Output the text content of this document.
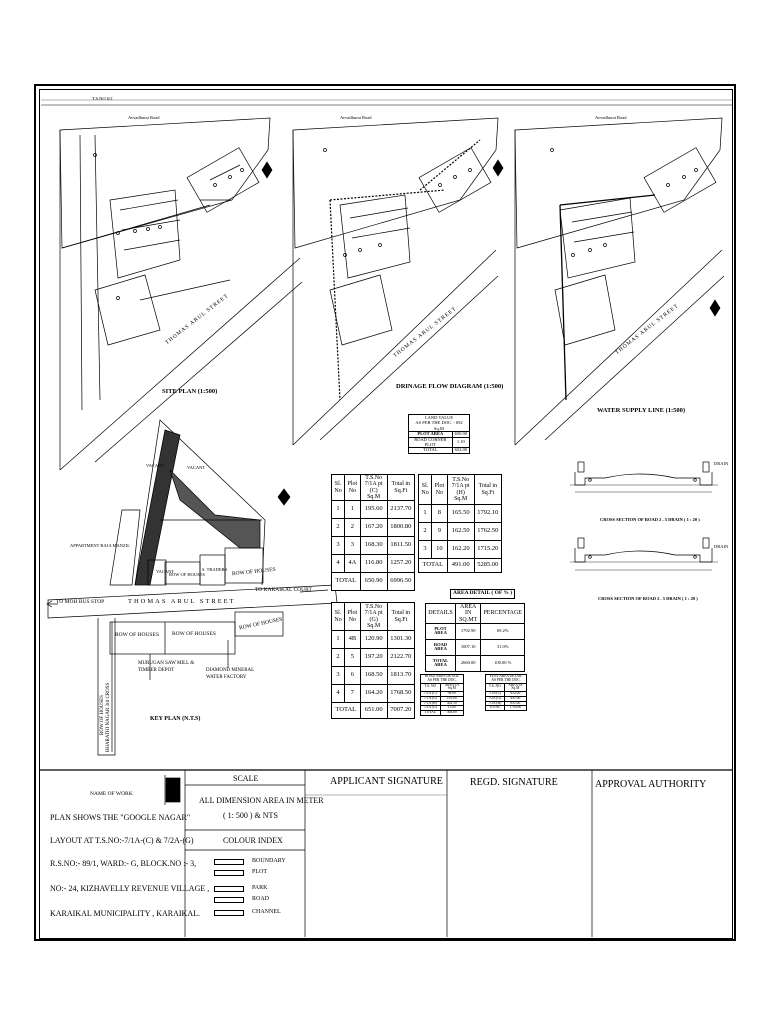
T.S.NO 6/2
Avvadhurai Road	Avvadhurai Road	Avvadhurai Road
THOMAS ARUL STREET	THOMAS ARUL STREET	THOMAS ARUL STREET
SITE PLAN (1:500)
DRINAGE FLOW DIAGRAM (1:500)
WATER SUPPLY LINE (1:500)
TO MOH BUS STOP	THOMAS ARUL STREET
TO KARAIKAL COURT
ROW OF HOUSES BHARATHI NAGAR 3rd CROSS
VACANT	VACANT
VACANT
APPARTMENT BAJA MANZIL
ROW OF HOUSES
S. TRADERS ROW OF HOUSES
ROW OF HOUSES ROW OF HOUSES
ROW OF HOUSES
MURUGAN SAW MILL & TIMBER DEPOT	DIAMOND MINERAL WATER FACTORY
KEY PLAN (N.T.S)
LAND VALUE
AS PER THE DOC. - 692 Sq.M	

PLOT AREA	650.90
ROAD CORNER PLOT	1.10
TOTAL	652.00
Sl. No	Plot No	T.S.No 7/1A pt (C) Sq.M	Total in Sq.Ft
1	1	195.60	2137.70
2	2	167.20	1800.80
3	3	168.30	1811.50
4	4A	116.80	1257.20
TOTAL		650.90	6996.50
Sl. No	Plot No	T.S.No 7/1A pt (H) Sq.M	Total in Sq.Ft
1	8	165.50	1792.10
2	9	162.50	1762.50
3	10	162.20	1715.20
TOTAL		491.00	5285.00
Sl. No	Plot No	T.S.No 7/1A pt (G) Sq.M	Total in Sq.Ft
1	4B	120.90	1301.30
2	5	197.20	2122.70
3	6	168.50	1813.70
4	7	164.20	1768.50
TOTAL		651.00	7007.20
AREA DETAIL ( OF % )
DETAILS	AREA IN SQ.MT	PERCENTAGE
PLOT AREA	1792.90	69.2%
ROAD AREA	1007.10	31.0%
TOTAL AREA	2660.00	100.00 %
ROAD AREA DETAIL AS PER THE DOC.	
T.S. NO	AREA IN Sq.M
7/1A (C)	98.00
7/1A (G)	195.00
7/1A (H)	302.10
7/2A (G)	15.00
TOTAL	304.60
PLOT AREA DETAIL AS PER THE DOC.	
T.S. NO	AREA IN Sq.M
7/1A (C)	652.00
7/2A (G)	491.00
7/1A (H)	651.00
TOTAL	1794.00
DRAIN
DRAIN
CROSS SECTION OF ROAD 2 . 5 DRAIN ( 1 : 20 )
CROSS SECTION OF ROAD 2 . 5 DRAIN ( 1 : 20 )
NAME OF WORK
PLAN SHOWS THE "GOOGLE NAGAR"
LAYOUT AT T.S.NO:-7/1A-(C) & 7/2A-(G)
R.S.NO:- 89/1, WARD:- G, BLOCK.NO :- 3,
NO:- 24, KIZHAVELLY REVENUE VILLAGE ,
KARAIKAL MUNICIPALITY , KARAIKAL.
SCALE
ALL DIMENSION AREA IN METER
( 1: 500 ) & NTS
COLOUR INDEX
BOUNDARY
PLOT
PARK
ROAD
CHANNEL
APPLICANT SIGNATURE	REGD. SIGNATURE	APPROVAL AUTHORITY
